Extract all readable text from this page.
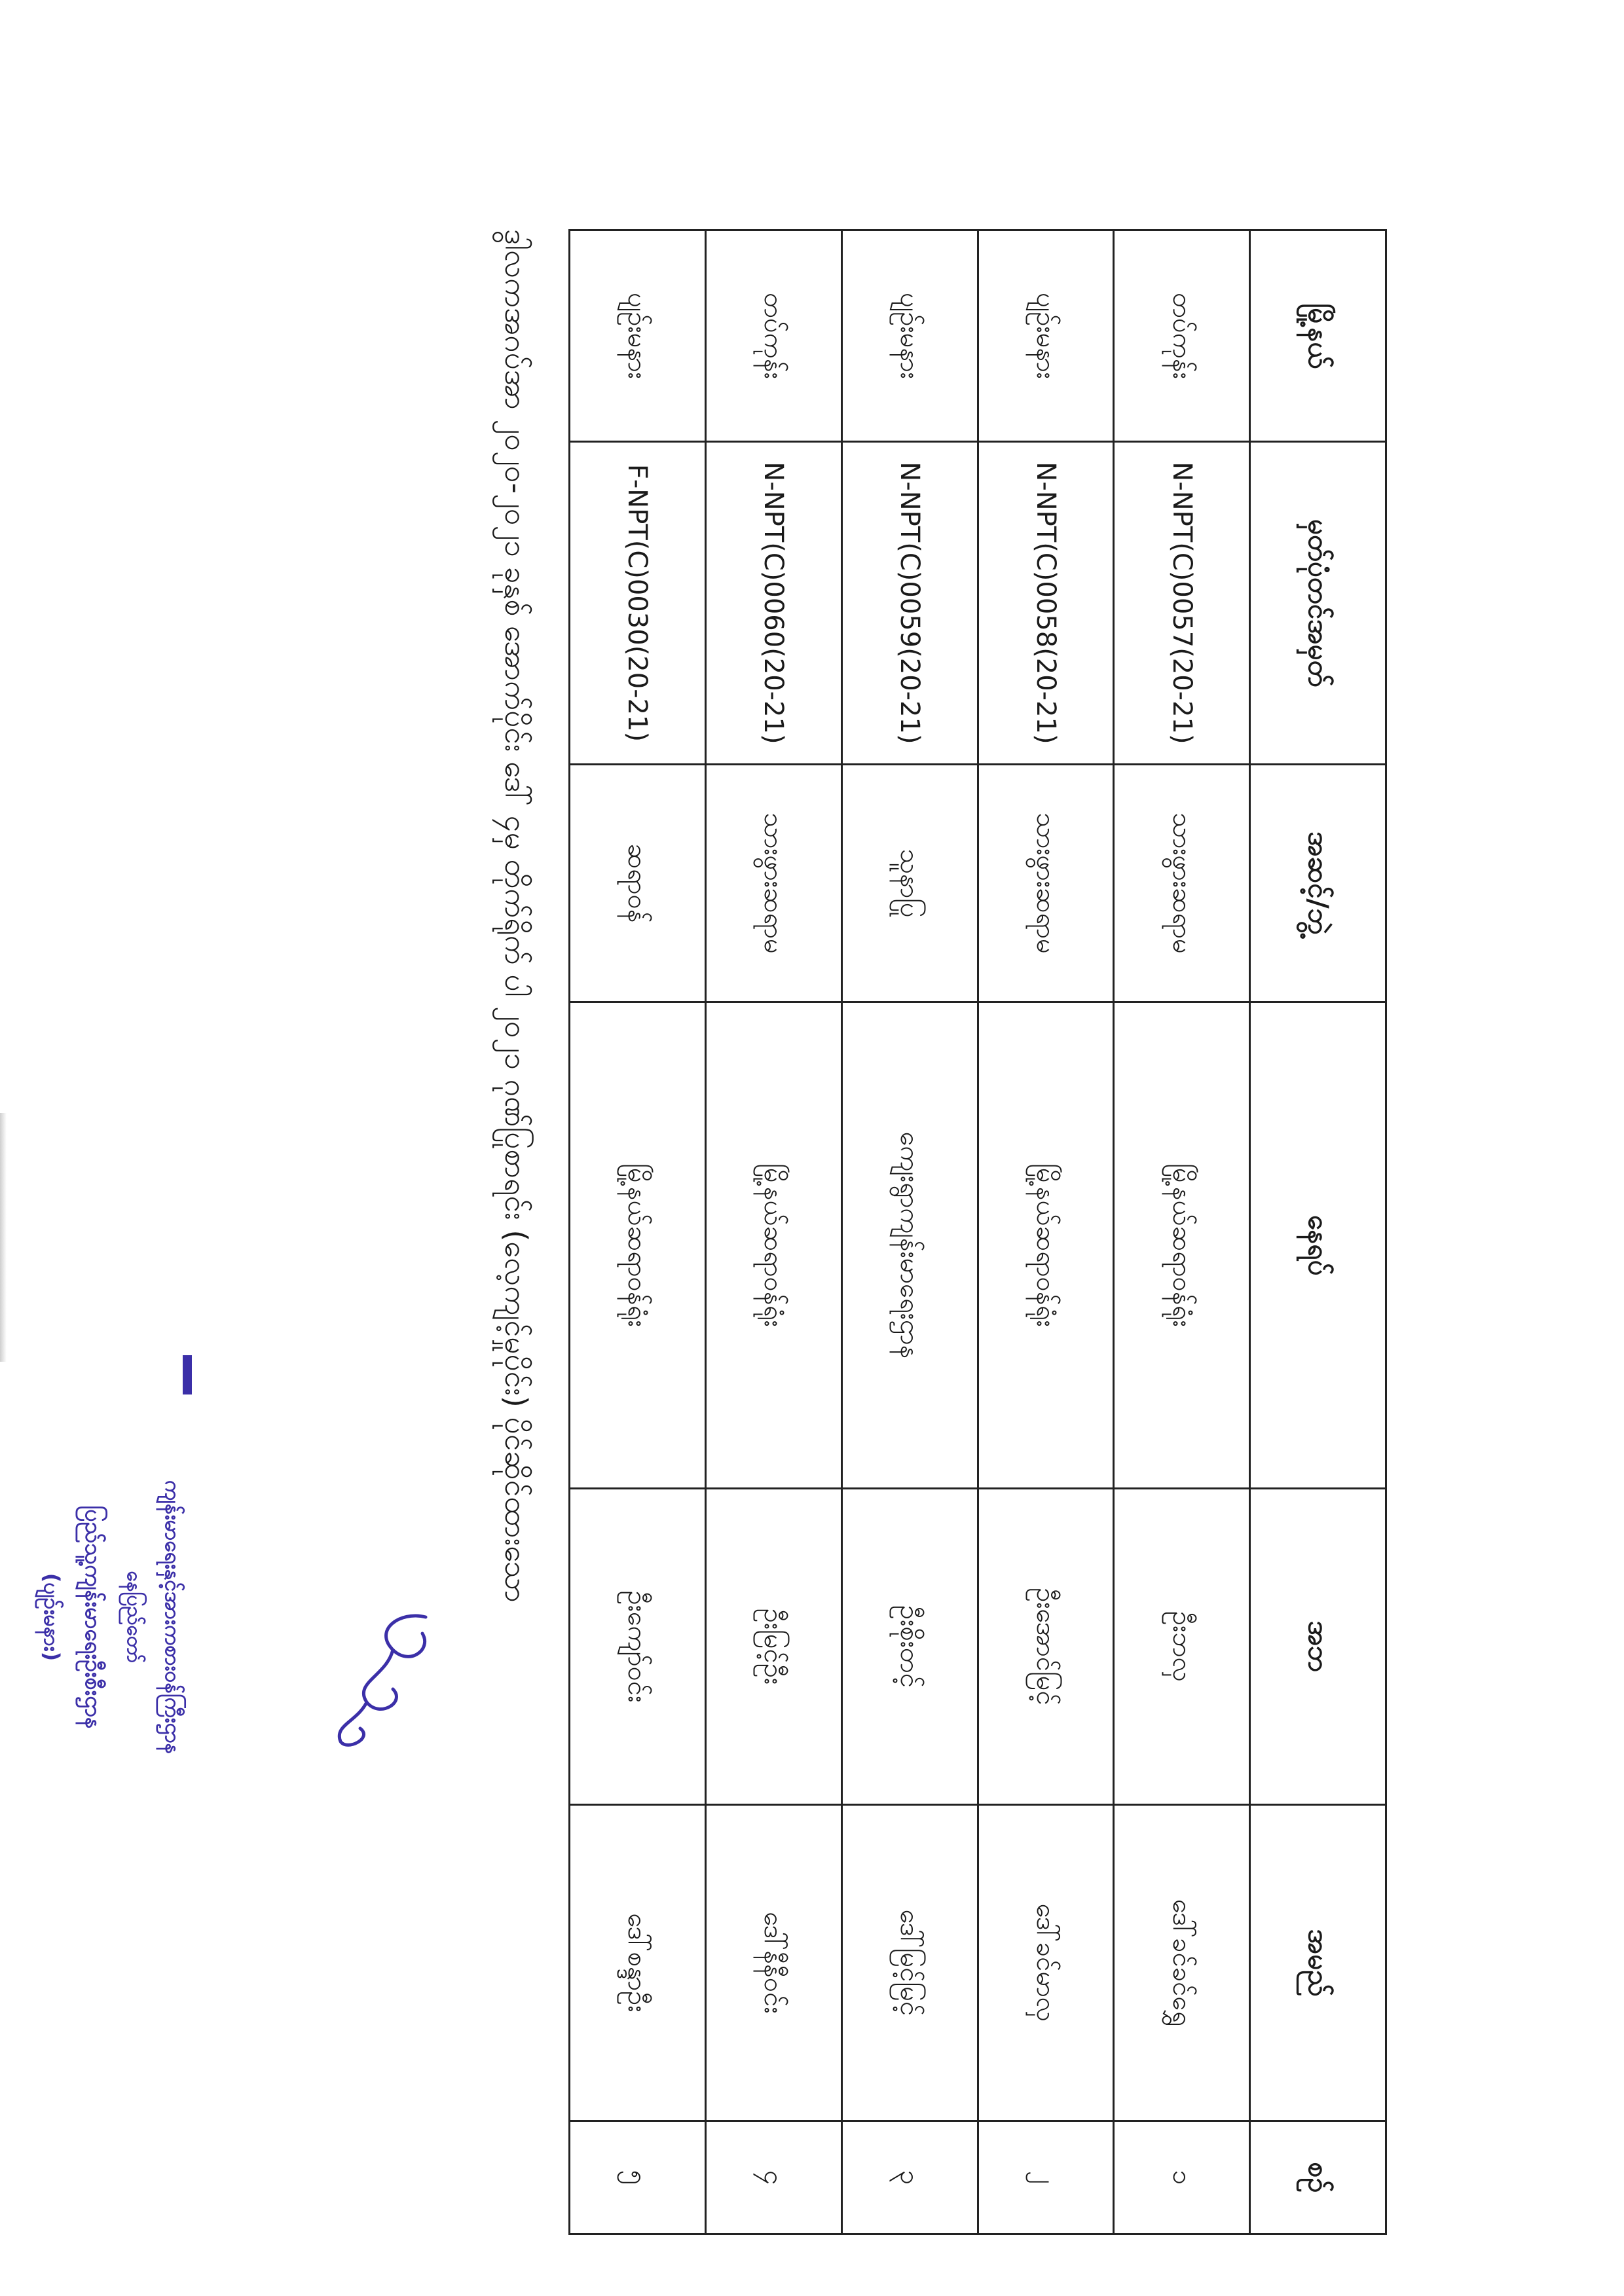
မြို့နယ်	မှတ်ပုံတင်အမှတ်	အဆင့်/ဘွဲ့	နေရပ်	အဘ	အမည်	စဉ်
တပ်ကုန်း	N-NPT(C)0057(20-21)	သားဖွားဆရာမ	မြို့နယ်ဆရာဝန်ရုံး	ဦးဘလှ	ဒေါ်ခင်ခင်ရွှေ	၁
ပျဉ်းမနား	N-NPT(C)0058(20-21)	သားဖွားဆရာမ	မြို့နယ်ဆရာဝန်ရုံး	ဦးအောင်မြင့်	ဒေါ်ခင်မာလှ	၂
ပျဉ်းမနား	N-NPT(C)0059(20-21)	သူနာပြု	ကျေးရွာကျန်းမာရေးဌာန	ဦးစိုးတင့်	ဒေါ်မြင့်မြင့်	၃
တပ်ကုန်း	N-NPT(C)0060(20-21)	သားဖွားဆရာမ	မြို့နယ်ဆရာဝန်ရုံး	ဦးမြင့်ဦး	ဒေါ်နီနီဝင်း	၄
ပျဉ်းမနား	F-NPT(C)0030(20-21)	ဆရာဝန်	မြို့နယ်ဆရာဝန်ရုံး	ဦးကျော်ဝင်း	ဒေါ်စန္ဒာဦး	၅
ဒွါလကအဂပ်အာ ၂၀၂၀-၂၀၂၁ ခုနှစ် အောက်ပိုင်း ဒေါ် ၄မှ တိုက်ရိုက် ပါ ၂၀၂၁ ဂုဏ်ပြုစာရင်း (လေ့ကျင့်မှုပိုင်း) ပိုင်ဆိုင်ထားသော
ကျန်းမာရေးနှင့်အားကစားဝန်ကြီးဌာန
နေပြည်တော်
ပြည်သူ့ကျန်းမာရေးဦးစီးဌာန
(ပျဉ်းမနား)
